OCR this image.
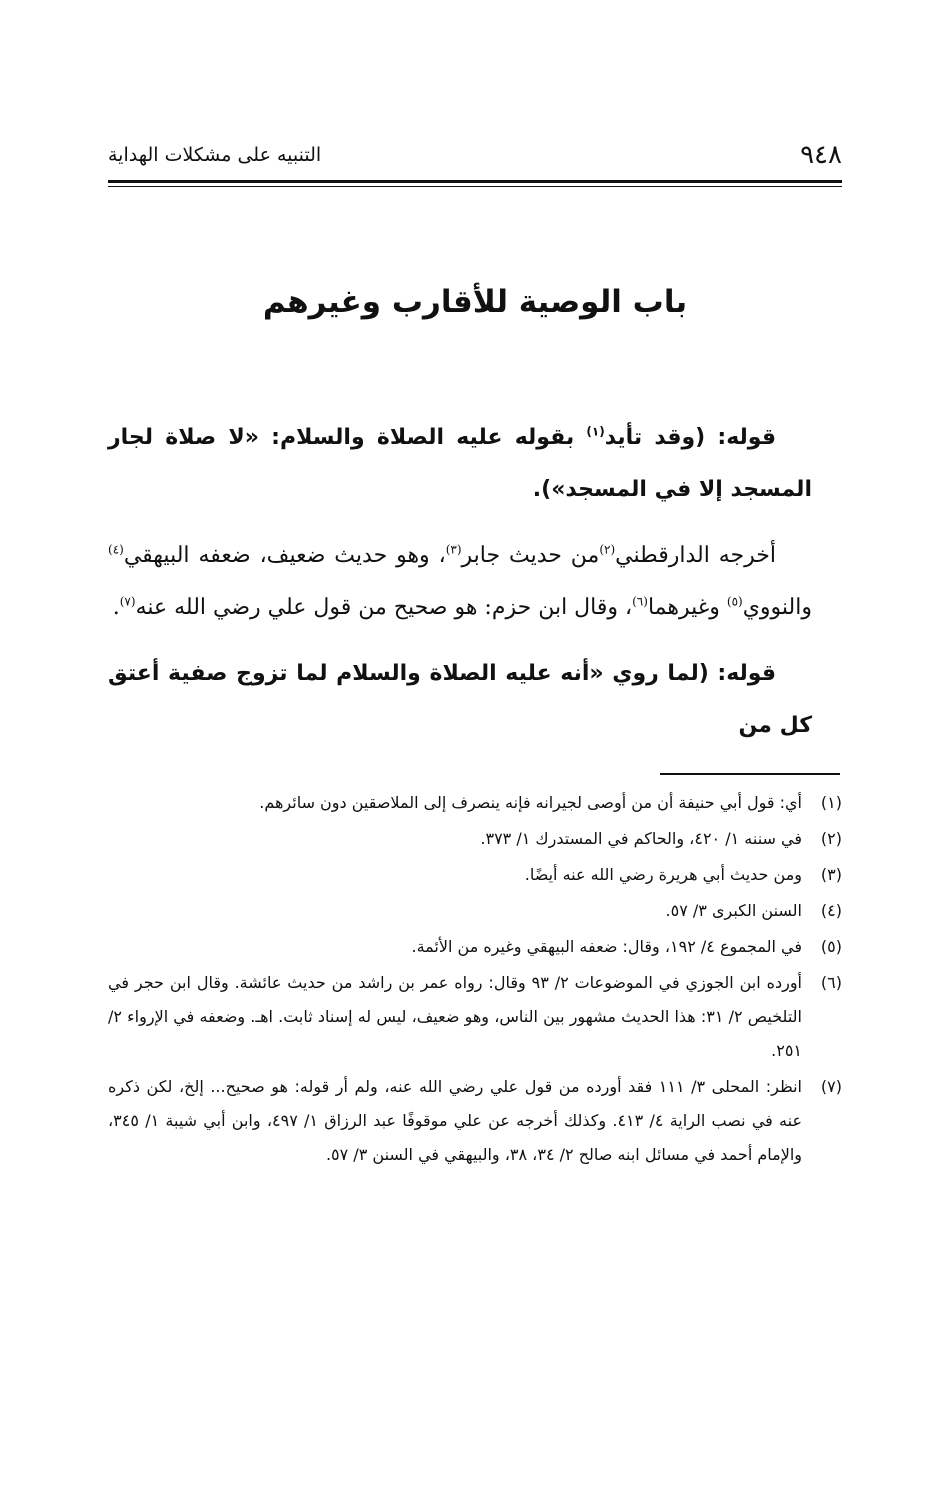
٩٤٨
التنبيه على مشكلات الهداية
باب الوصية للأقارب وغيرهم

قوله: (وقد تأيد$^{(١)}$ بقوله عليه الصلاة والسلام: «لا صلاة لجار المسجد إلا في المسجد»).

أخرجه الدارقطني$^{(٢)}$من حديث جابر$^{(٣)}$، وهو حديث ضعيف، ضعفه البيهقي$^{(٤)}$ والنووي$^{(٥)}$ وغيرهما$^{(٦)}$، وقال ابن حزم: هو صحيح من قول علي رضي الله عنه$^{(٧)}$.

قوله: (لما روي «أنه عليه الصلاة والسلام لما تزوج صفية أعتق كل من

(١)
أي: قول أبي حنيفة أن من أوصى لجيرانه فإنه ينصرف إلى الملاصقين دون سائرهم.
(٢)
في سننه ١/ ٤٢٠، والحاكم في المستدرك ١/ ٣٧٣.
(٣)
ومن حديث أبي هريرة رضي الله عنه أيضًا.
(٤)
السنن الكبرى ٣/ ٥٧.
(٥)
في المجموع ٤/ ١٩٢، وقال: ضعفه البيهقي وغيره من الأئمة.
(٦)
أورده ابن الجوزي في الموضوعات ٢/ ٩٣ وقال: رواه عمر بن راشد من حديث عائشة. وقال ابن حجر في التلخيص ٢/ ٣١: هذا الحديث مشهور بين الناس، وهو ضعيف، ليس له إسناد ثابت. اهـ. وضعفه في الإرواء ٢/ ٢٥١.
(٧)
انظر: المحلى ٣/ ١١١ فقد أورده من قول علي رضي الله عنه، ولم أر قوله: هو صحيح... إلخ، لكن ذكره عنه في نصب الراية ٤/ ٤١٣. وكذلك أخرجه عن علي موقوفًا عبد الرزاق ١/ ٤٩٧، وابن أبي شيبة ١/ ٣٤٥، والإمام أحمد في مسائل ابنه صالح ٢/ ٣٤، ٣٨، والبيهقي في السنن ٣/ ٥٧.
